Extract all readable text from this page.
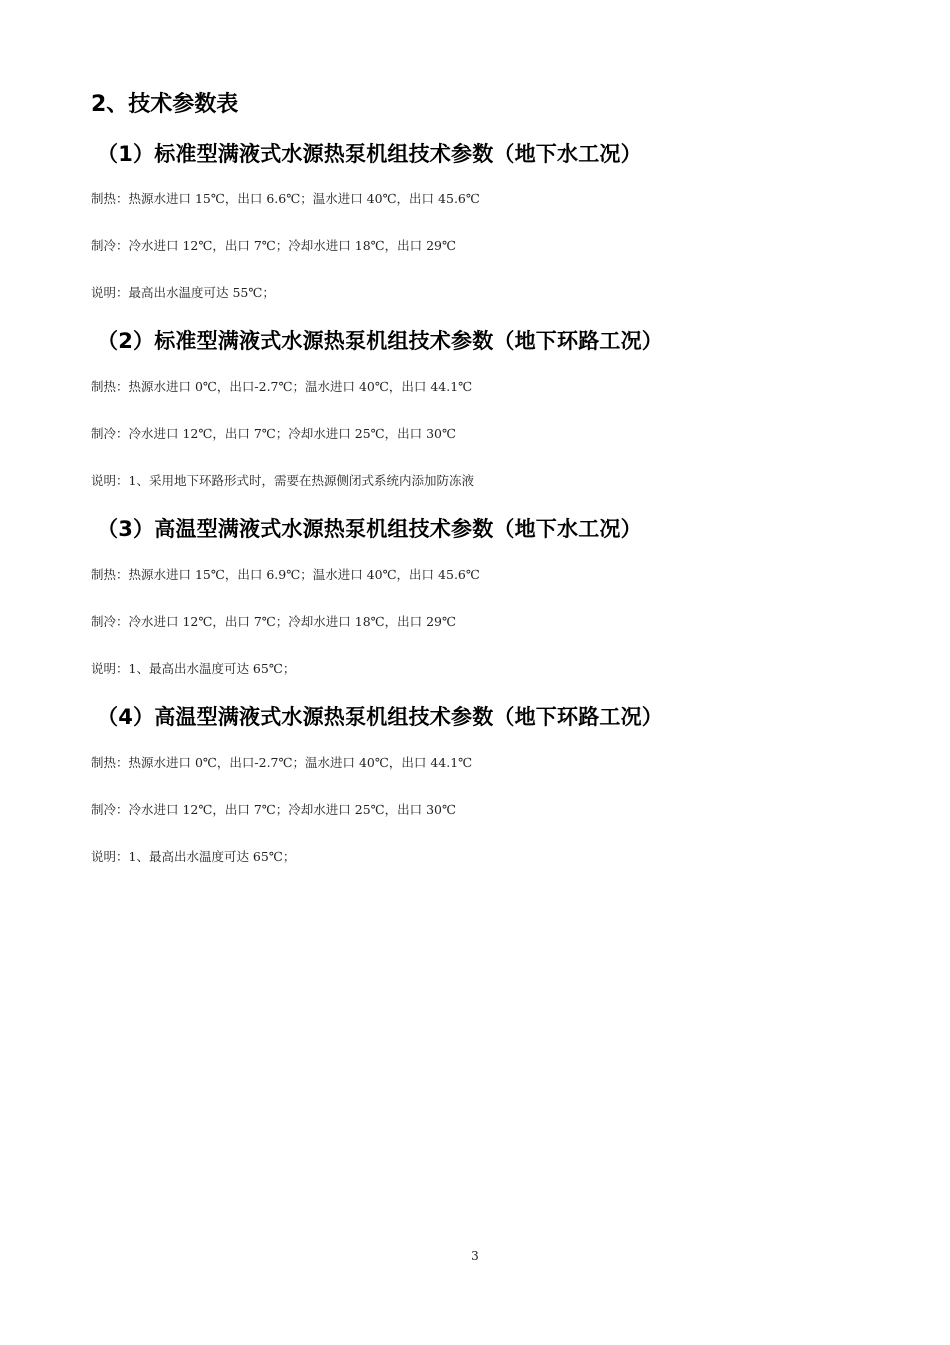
2、技术参数表
（1）标准型满液式水源热泵机组技术参数（地下水工况）
制热：热源水进口 15℃，出口 6.6℃；温水进口 40℃，出口 45.6℃
制冷：冷水进口 12℃，出口 7℃；冷却水进口 18℃，出口 29℃
说明：最高出水温度可达 55℃；
（2）标准型满液式水源热泵机组技术参数（地下环路工况）
制热：热源水进口 0℃，出口-2.7℃；温水进口 40℃，出口 44.1℃
制冷：冷水进口 12℃，出口 7℃；冷却水进口 25℃，出口 30℃
说明：1、采用地下环路形式时，需要在热源侧闭式系统内添加防冻液
（3）高温型满液式水源热泵机组技术参数（地下水工况）
制热：热源水进口 15℃，出口 6.9℃；温水进口 40℃，出口 45.6℃
制冷：冷水进口 12℃，出口 7℃；冷却水进口 18℃，出口 29℃
说明：1、最高出水温度可达 65℃；
（4）高温型满液式水源热泵机组技术参数（地下环路工况）
制热：热源水进口 0℃，出口-2.7℃；温水进口 40℃，出口 44.1℃
制冷：冷水进口 12℃，出口 7℃；冷却水进口 25℃，出口 30℃
说明：1、最高出水温度可达 65℃；
3
